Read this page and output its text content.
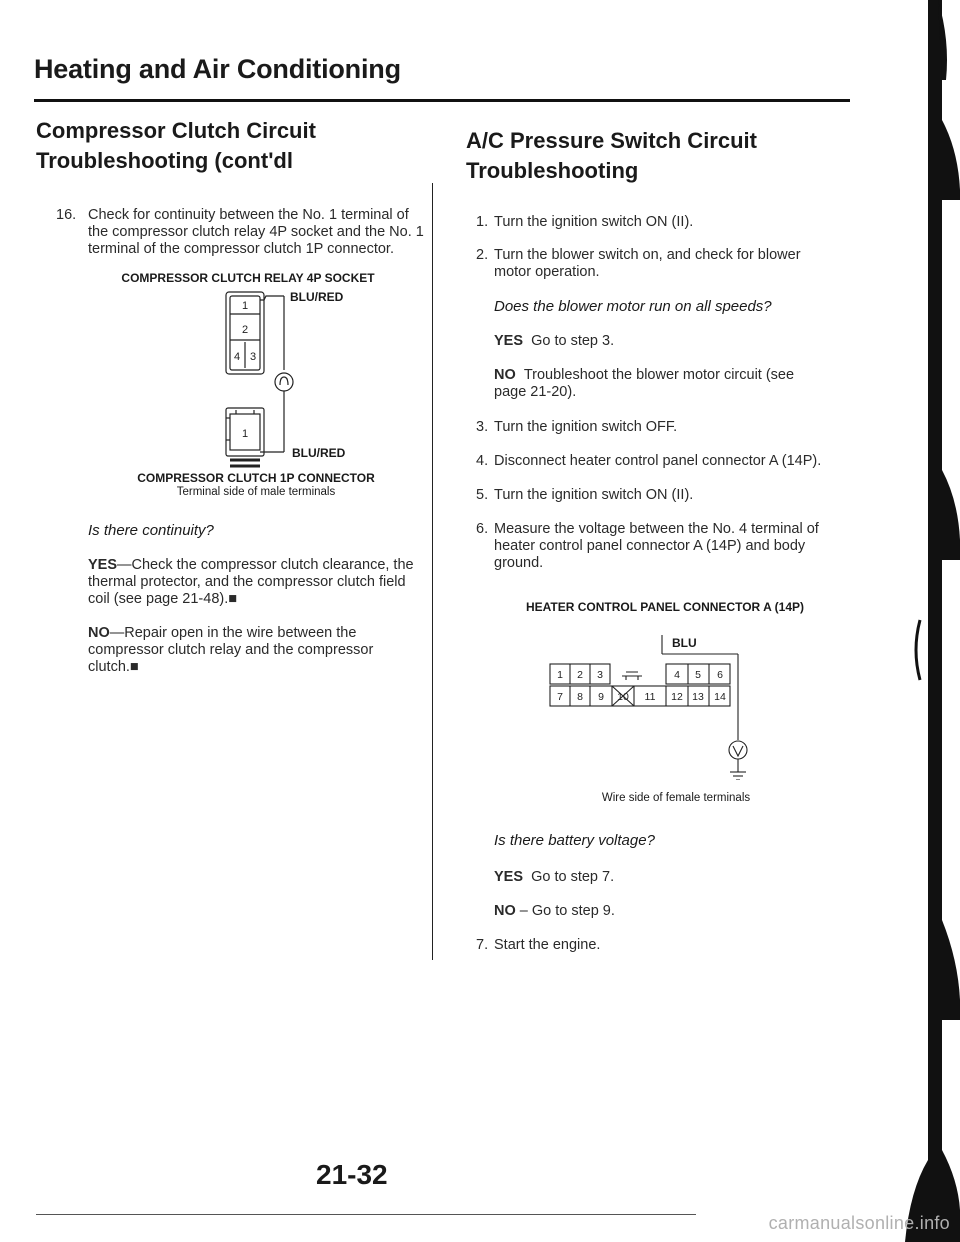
Heating and Air Conditioning
Compressor Clutch Circuit
Troubleshooting (cont'dl
16. Check for continuity between the No. 1 terminal of
the compressor clutch relay 4P socket and the No. 1
terminal of the compressor clutch 1P connector.
COMPRESSOR CLUTCH RELAY 4P SOCKET
1
2
4 3
1
BLU/RED
BLU/RED
COMPRESSOR CLUTCH 1P CONNECTOR
Terminal side of male terminals
Is there continuity?
YES—Check the compressor clutch clearance, the
thermal protector, and the compressor clutch field
coil (see page 21-48).■
NO—Repair open in the wire between the
compressor clutch relay and the compressor
clutch.■
A/C Pressure Switch Circuit
Troubleshooting
1. Turn the ignition switch ON (II).
2. Turn the blower switch on, and check for blower
motor operation.
Does the blower motor run on all speeds?
YES Go to step 3.
NO Troubleshoot the blower motor circuit (see
page 21-20).
3. Turn the ignition switch OFF.
4. Disconnect heater control panel connector A (14P).
5. Turn the ignition switch ON (II).
6. Measure the voltage between the No. 4 terminal of
heater control panel connector A (14P) and body
ground.
HEATER CONTROL PANEL CONNECTOR A (14P)
1 2 3	4 5 6
7 8 9 10 11 12 13 14
BLU
Wire side of female terminals
Is there battery voltage?
YES Go to step 7.
NO – Go to step 9.
7. Start the engine.
21-32
carmanualsonline.info
